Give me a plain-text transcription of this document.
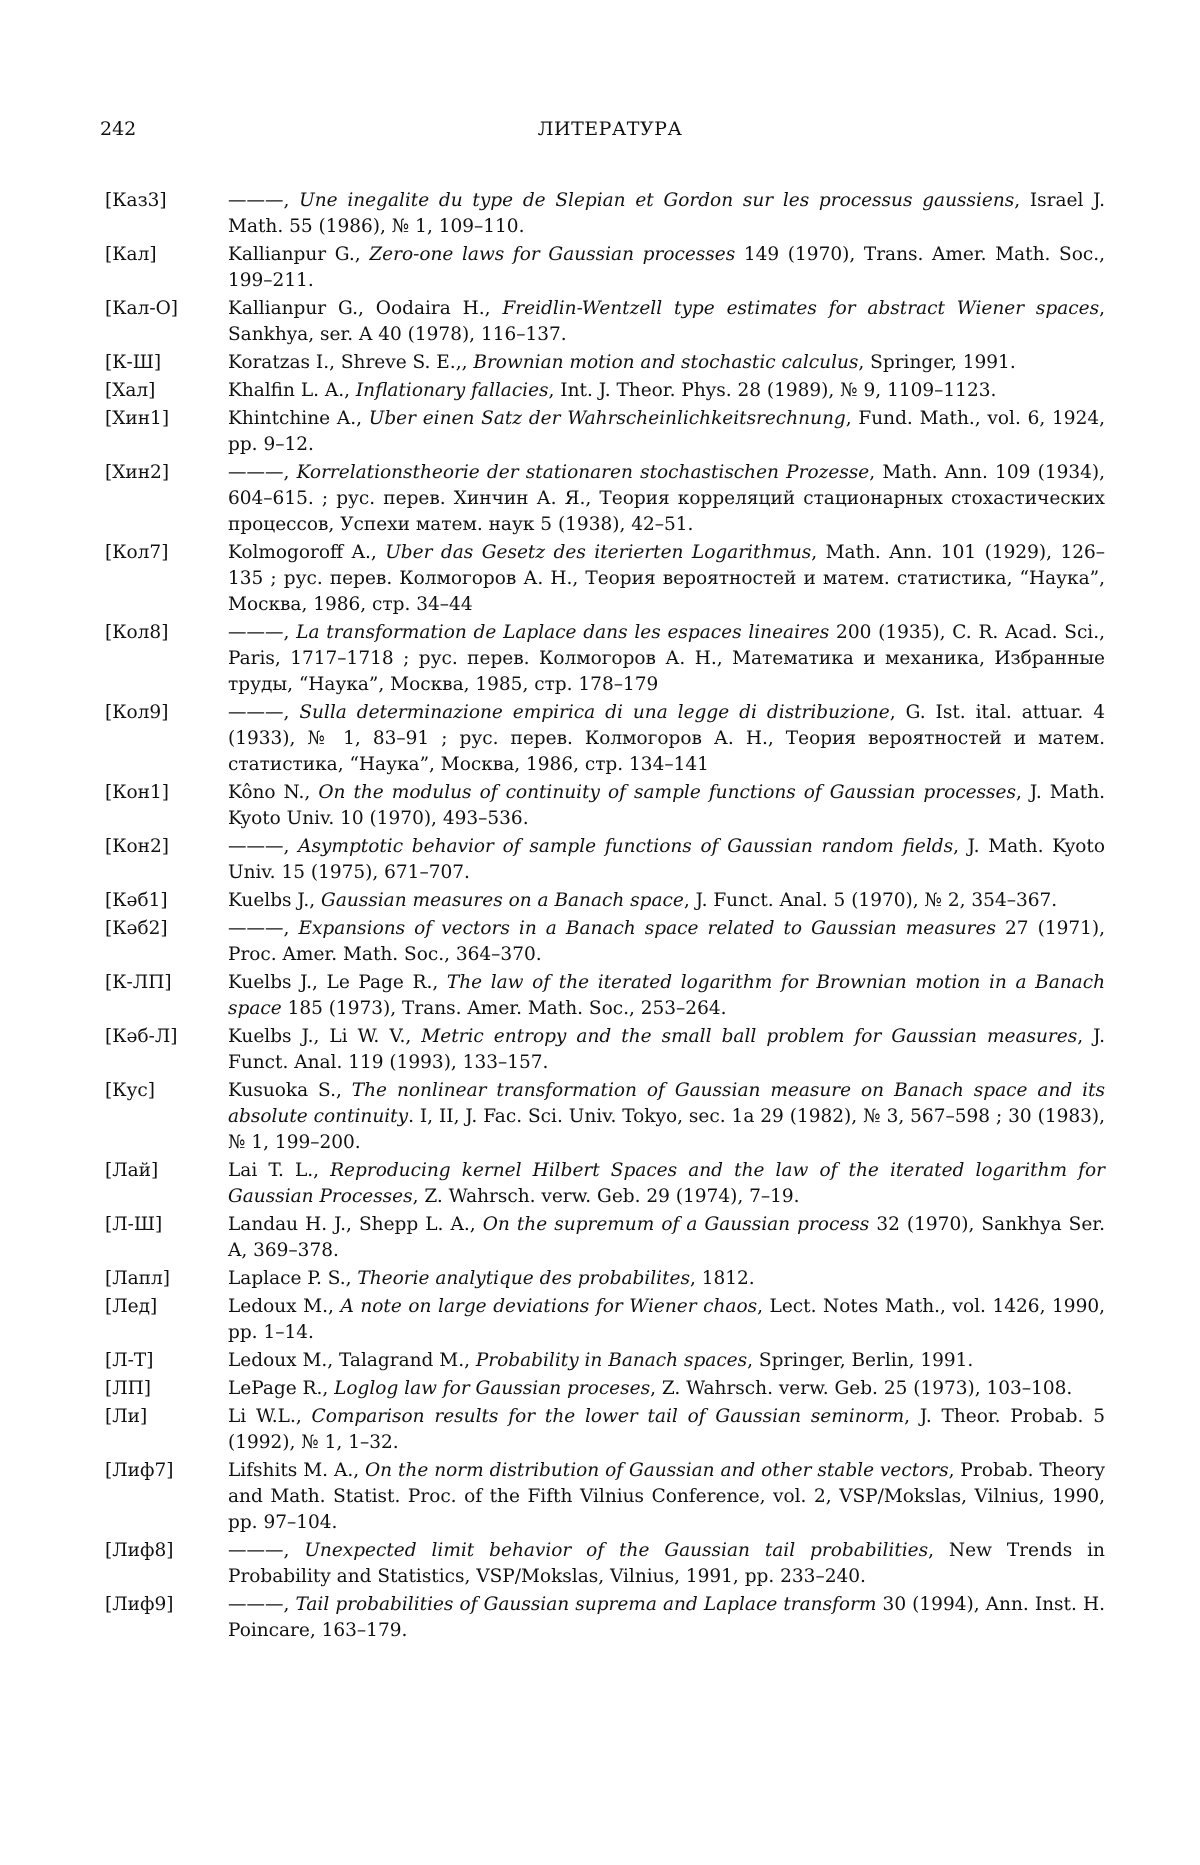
242	ЛИТЕРАТУРА
[Каз3]	———, Une inegalite du type de Slepian et Gordon sur les processus gaussiens, Israel J. Math. 55 (1986), № 1, 109–110.
[Кал]	Kallianpur G., Zero-one laws for Gaussian processes 149 (1970), Trans. Amer. Math. Soc., 199–211.
[Кал-О]	Kallianpur G., Oodaira H., Freidlin-Wentzell type estimates for abstract Wiener spaces, Sankhya, ser. A 40 (1978), 116–137.
[К-Ш]	Koratzas I., Shreve S. E.,, Brownian motion and stochastic calculus, Springer, 1991.
[Хал]	Khalfin L. A., Inflationary fallacies, Int. J. Theor. Phys. 28 (1989), № 9, 1109–1123.
[Хин1]	Khintchine A., Uber einen Satz der Wahrscheinlichkeitsrechnung, Fund. Math., vol. 6, 1924, pp. 9–12.
[Хин2]	———, Korrelationstheorie der stationaren stochastischen Prozesse, Math. Ann. 109 (1934), 604–615. ; рус. перев. Хинчин А. Я., Теория корреляций стационарных стохастических процессов, Успехи матем. наук 5 (1938), 42–51.
[Кол7]	Kolmogoroff A., Uber das Gesetz des iterierten Logarithmus, Math. Ann. 101 (1929), 126–135 ; рус. перев. Колмогоров А. Н., Теория вероятностей и матем. статистика, “Наука”, Москва, 1986, стр. 34–44
[Кол8]	———, La transformation de Laplace dans les espaces lineaires 200 (1935), C. R. Acad. Sci., Paris, 1717–1718 ; рус. перев. Колмогоров А. Н., Математика и механика, Избранные труды, “Наука”, Москва, 1985, стр. 178–179
[Кол9]	———, Sulla determinazione empirica di una legge di distribuzione, G. Ist. ital. attuar. 4 (1933), № 1, 83–91 ; рус. перев. Колмогоров А. Н., Теория вероятностей и матем. статистика, “Наука”, Москва, 1986, стр. 134–141
[Кон1]	Kôno N., On the modulus of continuity of sample functions of Gaussian processes, J. Math. Kyoto Univ. 10 (1970), 493–536.
[Кон2]	———, Asymptotic behavior of sample functions of Gaussian random fields, J. Math. Kyoto Univ. 15 (1975), 671–707.
[Кәб1]	Kuelbs J., Gaussian measures on a Banach space, J. Funct. Anal. 5 (1970), № 2, 354–367.
[Кәб2]	———, Expansions of vectors in a Banach space related to Gaussian measures 27 (1971), Proc. Amer. Math. Soc., 364–370.
[К-ЛП]	Kuelbs J., Le Page R., The law of the iterated logarithm for Brownian motion in a Banach space 185 (1973), Trans. Amer. Math. Soc., 253–264.
[Кәб-Л]	Kuelbs J., Li W. V., Metric entropy and the small ball problem for Gaussian measures, J. Funct. Anal. 119 (1993), 133–157.
[Кус]	Kusuoka S., The nonlinear transformation of Gaussian measure on Banach space and its absolute continuity. I, II, J. Fac. Sci. Univ. Tokyo, sec. 1a 29 (1982), № 3, 567–598 ; 30 (1983), № 1, 199–200.
[Лай]	Lai T. L., Reproducing kernel Hilbert Spaces and the law of the iterated logarithm for Gaussian Processes, Z. Wahrsch. verw. Geb. 29 (1974), 7–19.
[Л-Ш]	Landau H. J., Shepp L. A., On the supremum of a Gaussian process 32 (1970), Sankhya Ser. A, 369–378.
[Лапл]	Laplace P. S., Theorie analytique des probabilites, 1812.
[Лед]	Ledoux M., A note on large deviations for Wiener chaos, Lect. Notes Math., vol. 1426, 1990, pp. 1–14.
[Л-Т]	Ledoux M., Talagrand M., Probability in Banach spaces, Springer, Berlin, 1991.
[ЛП]	LePage R., Loglog law for Gaussian proceses, Z. Wahrsch. verw. Geb. 25 (1973), 103–108.
[Ли]	Li W.L., Comparison results for the lower tail of Gaussian seminorm, J. Theor. Probab. 5 (1992), № 1, 1–32.
[Лиф7]	Lifshits M. A., On the norm distribution of Gaussian and other stable vectors, Probab. Theory and Math. Statist. Proc. of the Fifth Vilnius Conference, vol. 2, VSP/Mokslas, Vilnius, 1990, pp. 97–104.
[Лиф8]	———, Unexpected limit behavior of the Gaussian tail probabilities, New Trends in Probability and Statistics, VSP/Mokslas, Vilnius, 1991, pp. 233–240.
[Лиф9]	———, Tail probabilities of Gaussian suprema and Laplace transform 30 (1994), Ann. Inst. H. Poincare, 163–179.
